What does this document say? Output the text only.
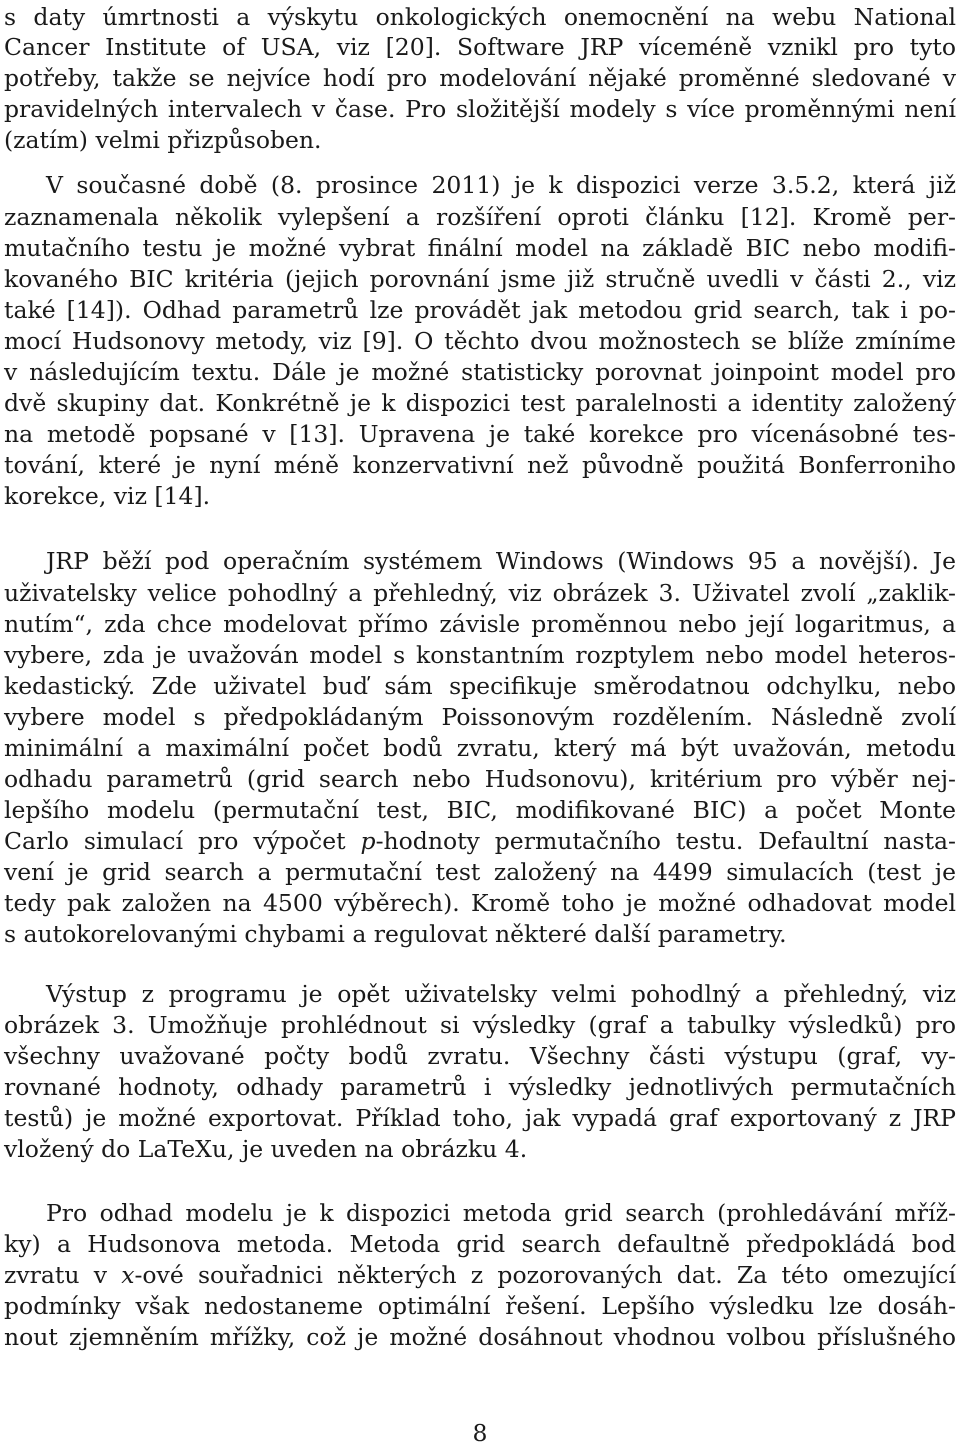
s daty úmrtnosti a výskytu onkologických onemocnění na webu National
Cancer Institute of USA, viz [20]. Software JRP víceméně vznikl pro tyto
potřeby, takže se nejvíce hodí pro modelování nějaké proměnné sledované v
pravidelných intervalech v čase. Pro složitější modely s více proměnnými není
(zatím) velmi přizpůsoben.
V současné době (8. prosince 2011) je k dispozici verze 3.5.2, která již
zaznamenala několik vylepšení a rozšíření oproti článku [12]. Kromě per-
mutačního testu je možné vybrat finální model na základě BIC nebo modifi-
kovaného BIC kritéria (jejich porovnání jsme již stručně uvedli v části 2., viz
také [14]). Odhad parametrů lze provádět jak metodou grid search, tak i po-
mocí Hudsonovy metody, viz [9]. O těchto dvou možnostech se blíže zmíníme
v následujícím textu. Dále je možné statisticky porovnat joinpoint model pro
dvě skupiny dat. Konkrétně je k dispozici test paralelnosti a identity založený
na metodě popsané v [13]. Upravena je také korekce pro vícenásobné tes-
tování, které je nyní méně konzervativní než původně použitá Bonferroniho
korekce, viz [14].
JRP běží pod operačním systémem Windows (Windows 95 a novější). Je
uživatelsky velice pohodlný a přehledný, viz obrázek 3. Uživatel zvolí „zaklik-
nutím“, zda chce modelovat přímo závisle proměnnou nebo její logaritmus, a
vybere, zda je uvažován model s konstantním rozptylem nebo model heteros-
kedastický. Zde uživatel buď sám specifikuje směrodatnou odchylku, nebo
vybere model s předpokládaným Poissonovým rozdělením. Následně zvolí
minimální a maximální počet bodů zvratu, který má být uvažován, metodu
odhadu parametrů (grid search nebo Hudsonovu), kritérium pro výběr nej-
lepšího modelu (permutační test, BIC, modifikované BIC) a počet Monte
Carlo simulací pro výpočet p-hodnoty permutačního testu. Defaultní nasta-
vení je grid search a permutační test založený na 4499 simulacích (test je
tedy pak založen na 4500 výběrech). Kromě toho je možné odhadovat model
s autokorelovanými chybami a regulovat některé další parametry.
Výstup z programu je opět uživatelsky velmi pohodlný a přehledný, viz
obrázek 3. Umožňuje prohlédnout si výsledky (graf a tabulky výsledků) pro
všechny uvažované počty bodů zvratu. Všechny části výstupu (graf, vy-
rovnané hodnoty, odhady parametrů i výsledky jednotlivých permutačních
testů) je možné exportovat. Příklad toho, jak vypadá graf exportovaný z JRP
vložený do LaTeXu, je uveden na obrázku 4.
Pro odhad modelu je k dispozici metoda grid search (prohledávání mříž-
ky) a Hudsonova metoda. Metoda grid search defaultně předpokládá bod
zvratu v x-ové souřadnici některých z pozorovaných dat. Za této omezující
podmínky však nedostaneme optimální řešení. Lepšího výsledku lze dosáh-
nout zjemněním mřížky, což je možné dosáhnout vhodnou volbou příslušného
8
